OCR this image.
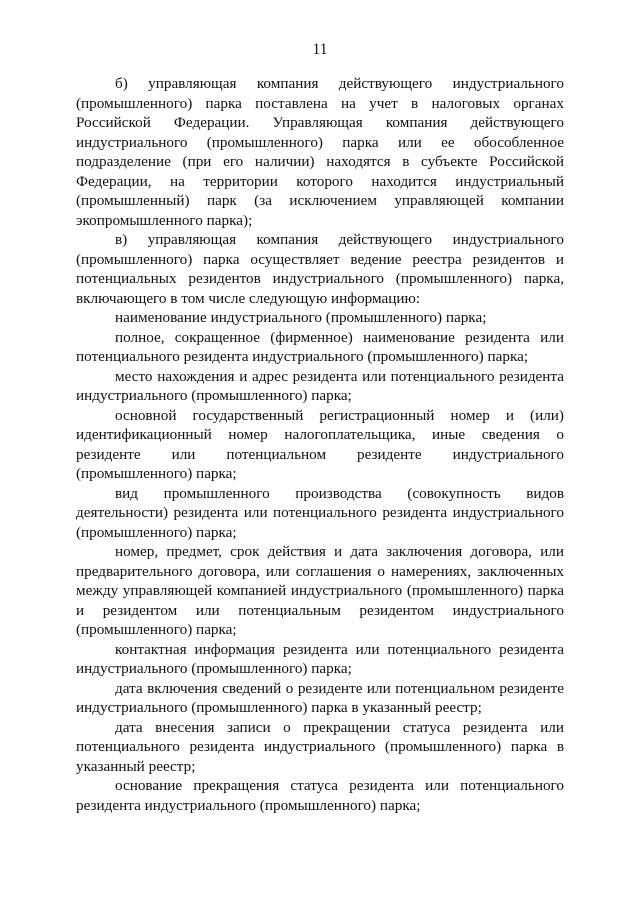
11

б) управляющая компания действующего индустриального (промышленного) парка поставлена на учет в налоговых органах Российской Федерации. Управляющая компания действующего индустриального (промышленного) парка или ее обособленное подразделение (при его наличии) находятся в субъекте Российской Федерации, на территории которого находится индустриальный (промышленный) парк (за исключением управляющей компании экопромышленного парка);

в) управляющая компания действующего индустриального (промышленного) парка осуществляет ведение реестра резидентов и потенциальных резидентов индустриального (промышленного) парка, включающего в том числе следующую информацию:

наименование индустриального (промышленного) парка;

полное, сокращенное (фирменное) наименование резидента или потенциального резидента индустриального (промышленного) парка;

место нахождения и адрес резидента или потенциального резидента индустриального (промышленного) парка;

основной государственный регистрационный номер и (или) идентификационный номер налогоплательщика, иные сведения о резиденте или потенциальном резиденте индустриального (промышленного) парка;

вид промышленного производства (совокупность видов деятельности) резидента или потенциального резидента индустриального (промышленного) парка;

номер, предмет, срок действия и дата заключения договора, или предварительного договора, или соглашения о намерениях, заключенных между управляющей компанией индустриального (промышленного) парка и резидентом или потенциальным резидентом индустриального (промышленного) парка;

контактная информация резидента или потенциального резидента индустриального (промышленного) парка;

дата включения сведений о резиденте или потенциальном резиденте индустриального (промышленного) парка в указанный реестр;

дата внесения записи о прекращении статуса резидента или потенциального резидента индустриального (промышленного) парка в указанный реестр;

основание прекращения статуса резидента или потенциального резидента индустриального (промышленного) парка;
